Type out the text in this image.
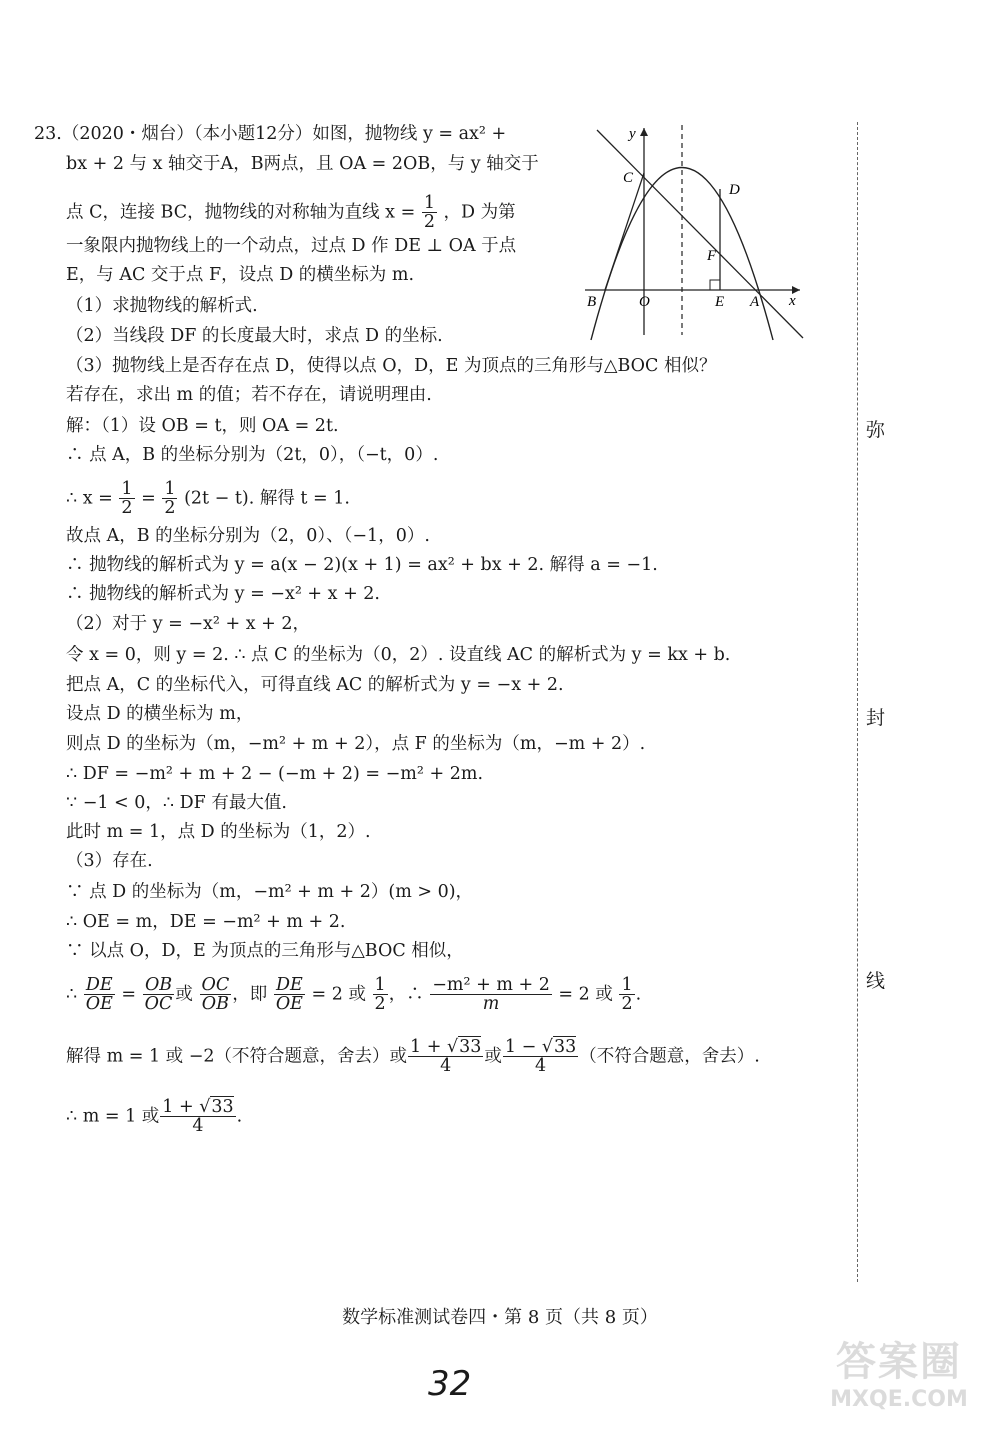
23.（2020・烟台）（本小题12分）如图，抛物线 y = ax² +
bx + 2 与 x 轴交于A，B两点，且 OA = 2OB，与 y 轴交于
点 C，连接 BC，抛物线的对称轴为直线 $x = \frac{1}{2}$ ，D 为第
一象限内抛物线上的一个动点，过点 D 作 DE ⊥ OA 于点
E，与 AC 交于点 F，设点 D 的横坐标为 m.
（1）求抛物线的解析式.
（2）当线段 DF 的长度最大时，求点 D 的坐标.
（3）抛物线上是否存在点 D，使得以点 O，D，E 为顶点的三角形与△BOC 相似？
若存在，求出 m 的值；若不存在，请说明理由.
y
x
C
D
F
B	O	E A
解：（1）设 OB = t，则 OA = 2t.
∴ 点 A，B 的坐标分别为（2t，0），（−t，0）.
∴ $x = \frac{1}{2} = \frac{1}{2} (2t - t)$. 解得 t = 1.
故点 A，B 的坐标分别为（2，0）、（−1，0）.
∴ 抛物线的解析式为 y = a(x − 2)(x + 1) = ax² + bx + 2. 解得 a = −1.
∴ 抛物线的解析式为 y = −x² + x + 2.
（2）对于 y = −x² + x + 2，
令 x = 0，则 y = 2. ∴ 点 C 的坐标为（0，2）. 设直线 AC 的解析式为 y = kx + b.
把点 A，C 的坐标代入，可得直线 AC 的解析式为 y = −x + 2.
设点 D 的横坐标为 m，
则点 D 的坐标为（m，−m² + m + 2），点 F 的坐标为（m，−m + 2）.
∴ DF = −m² + m + 2 − (−m + 2) = −m² + 2m.
∵ −1 < 0，∴ DF 有最大值.
此时 m = 1，点 D 的坐标为（1，2）.
（3）存在.
∵ 点 D 的坐标为（m，−m² + m + 2）(m > 0)，
∴ OE = m，DE = −m² + m + 2.
∵ 以点 O，D，E 为顶点的三角形与△BOC 相似，
∴ $\frac{DE}{OE} = \frac{OB}{OC}$ 或 $\frac{OC}{OB}$ ，即 $\frac{DE}{OE} = 2$ 或 $\frac{1}{2}$ ，∴ $\frac{\text{−m² + m + 2}}{m} = 2$ 或 $\frac{1}{2}$ .
解得 m = 1 或 −2（不符合题意，舍去）或 $\frac{1 + √33}{4}$ 或 $\frac{1 - √33}{4}$ （不符合题意，舍去）.
∴ m = 1 或 $\frac{1 + √33}{4}$ .
弥
封
线
数学标准测试卷四・第 8 页（共 8 页）
32	答案圈
MXQE.COM
